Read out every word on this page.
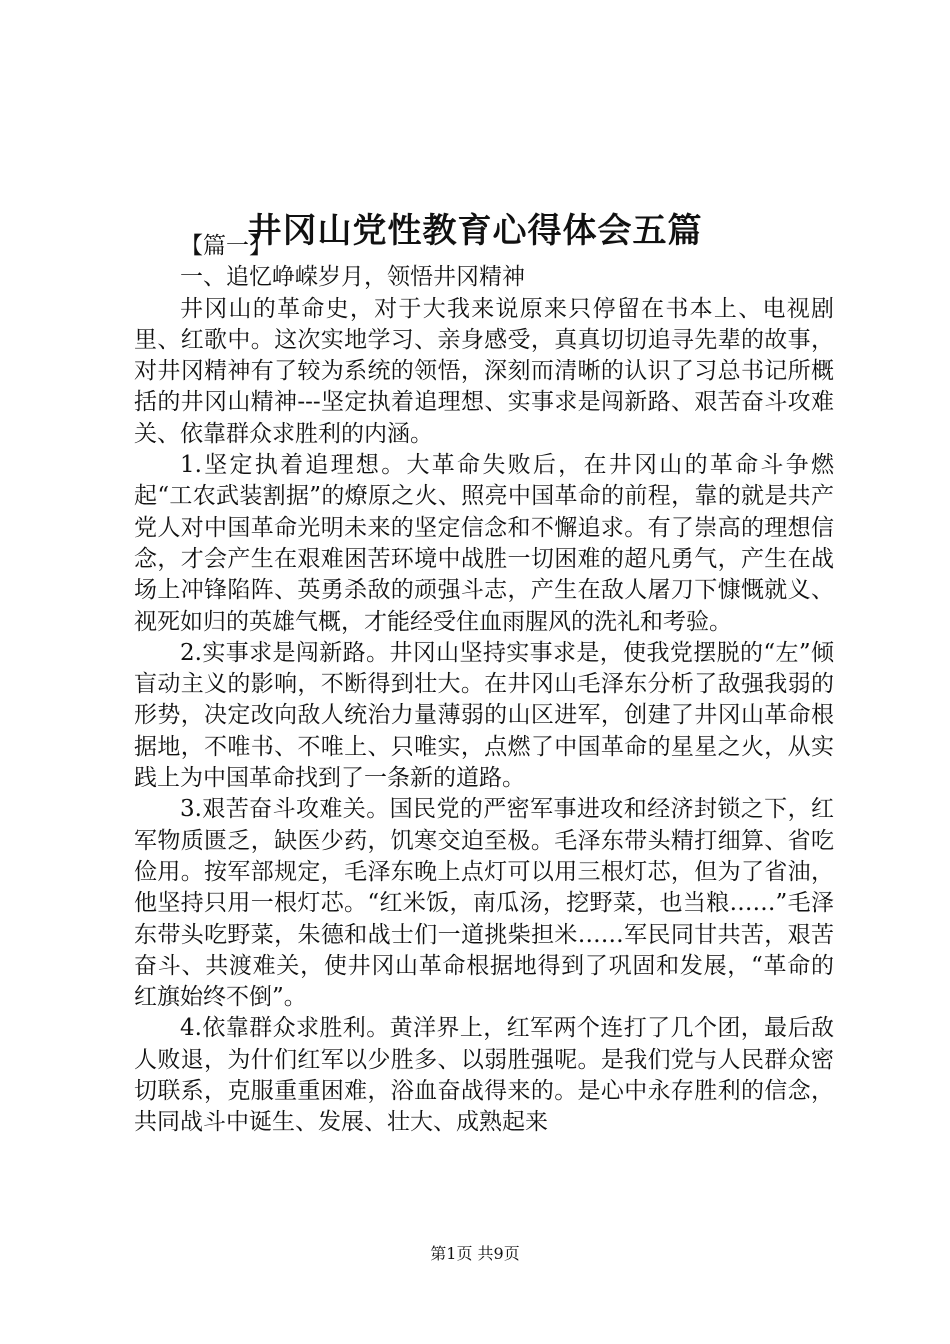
井冈山党性教育心得体会五篇

【篇一】

一、追忆峥嵘岁月，领悟井冈精神

井冈山的革命史，对于大我来说原来只停留在书本上、电视剧里、红歌中。这次实地学习、亲身感受，真真切切追寻先辈的故事，对井冈精神有了较为系统的领悟，深刻而清晰的认识了习总书记所概括的井冈山精神---坚定执着追理想、实事求是闯新路、艰苦奋斗攻难关、依靠群众求胜利的内涵。

1.坚定执着追理想。大革命失败后，在井冈山的革命斗争燃起“工农武装割据”的燎原之火、照亮中国革命的前程，靠的就是共产党人对中国革命光明未来的坚定信念和不懈追求。有了崇高的理想信念，才会产生在艰难困苦环境中战胜一切困难的超凡勇气，产生在战场上冲锋陷阵、英勇杀敌的顽强斗志，产生在敌人屠刀下慷慨就义、视死如归的英雄气概，才能经受住血雨腥风的洗礼和考验。

2.实事求是闯新路。井冈山坚持实事求是，使我党摆脱的“左”倾盲动主义的影响，不断得到壮大。在井冈山毛泽东分析了敌强我弱的形势，决定改向敌人统治力量薄弱的山区进军，创建了井冈山革命根据地，不唯书、不唯上、只唯实，点燃了中国革命的星星之火，从实践上为中国革命找到了一条新的道路。

3.艰苦奋斗攻难关。国民党的严密军事进攻和经济封锁之下，红军物质匮乏，缺医少药，饥寒交迫至极。毛泽东带头精打细算、省吃俭用。按军部规定，毛泽东晚上点灯可以用三根灯芯，但为了省油，他坚持只用一根灯芯。“红米饭，南瓜汤，挖野菜，也当粮……”毛泽东带头吃野菜，朱德和战士们一道挑柴担米……军民同甘共苦，艰苦奋斗、共渡难关，使井冈山革命根据地得到了巩固和发展，“革命的红旗始终不倒”。

4.依靠群众求胜利。黄洋界上，红军两个连打了几个团，最后敌人败退，为什们红军以少胜多、以弱胜强呢。是我们党与人民群众密切联系，克服重重困难，浴血奋战得来的。是心中永存胜利的信念，共同战斗中诞生、发展、壮大、成熟起来

第1页 共9页
